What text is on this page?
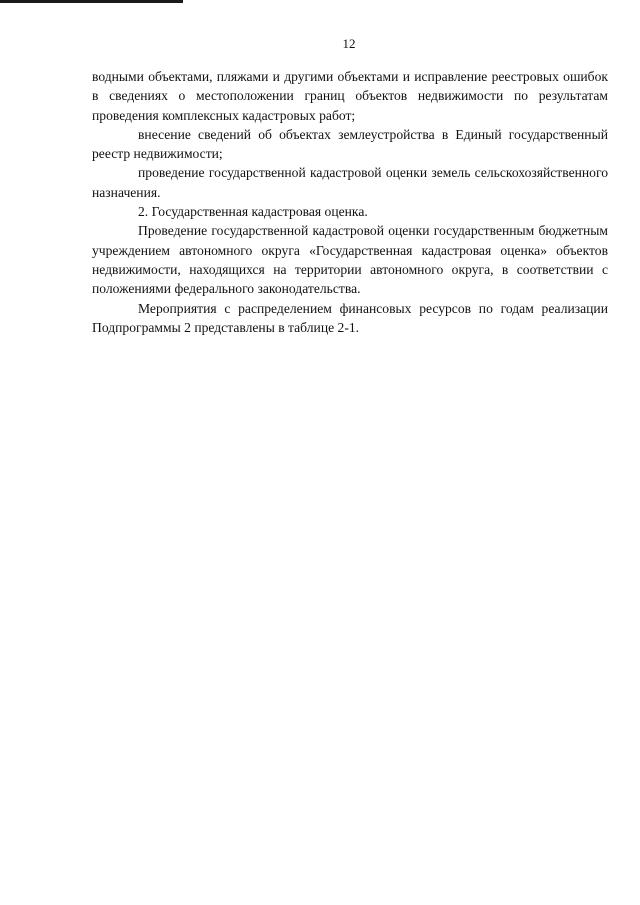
12

водными объектами, пляжами и другими объектами и исправление реестровых ошибок в сведениях о местоположении границ объектов недвижимости по результатам проведения комплексных кадастровых работ;

внесение сведений об объектах землеустройства в Единый государственный реестр недвижимости;

проведение государственной кадастровой оценки земель сельскохозяйственного назначения.

2. Государственная кадастровая оценка.

Проведение государственной кадастровой оценки государственным бюджетным учреждением автономного округа «Государственная кадастровая оценка» объектов недвижимости, находящихся на территории автономного округа, в соответствии с положениями федерального законодательства.

Мероприятия с распределением финансовых ресурсов по годам реализации Подпрограммы 2 представлены в таблице 2-1.
